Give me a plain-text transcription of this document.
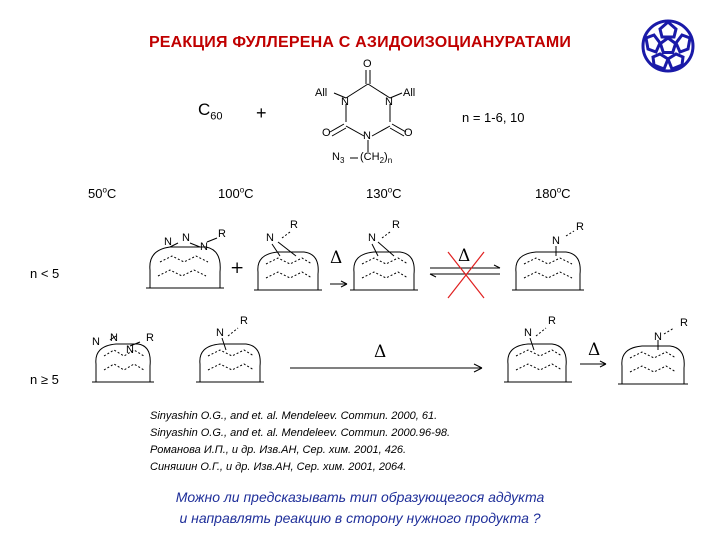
РЕАКЦИЯ ФУЛЛЕРЕНА С АЗИДОИЗОЦИАНУРАТАМИ
$C_{60}$ +
O
All	All
N	N
O	O
N
$N_3$ $(CH_2)_n$
n = 1-6, 10
50$^o$C	100$^o$C	130$^o$C	180$^o$C
n < 5
n ≥ 5
N N
N
R
+
N
R
Δ
N
R
Δ
N
R
N N
N
R	N
R
Δ
N
R
Δ
N
R
Sinyashin O.G., and et. al. Mendeleev. Commun. 2000, 61.
Sinyashin O.G., and et. al. Mendeleev. Commun. 2000.96-98.
Романова И.П., и др. Изв.АН, Сер. хим. 2001, 426.
Синяшин О.Г., и др. Изв.АН, Сер. хим. 2001, 2064.
Можно ли предсказывать тип образующегося аддукта
и направлять реакцию в сторону нужного продукта ?
